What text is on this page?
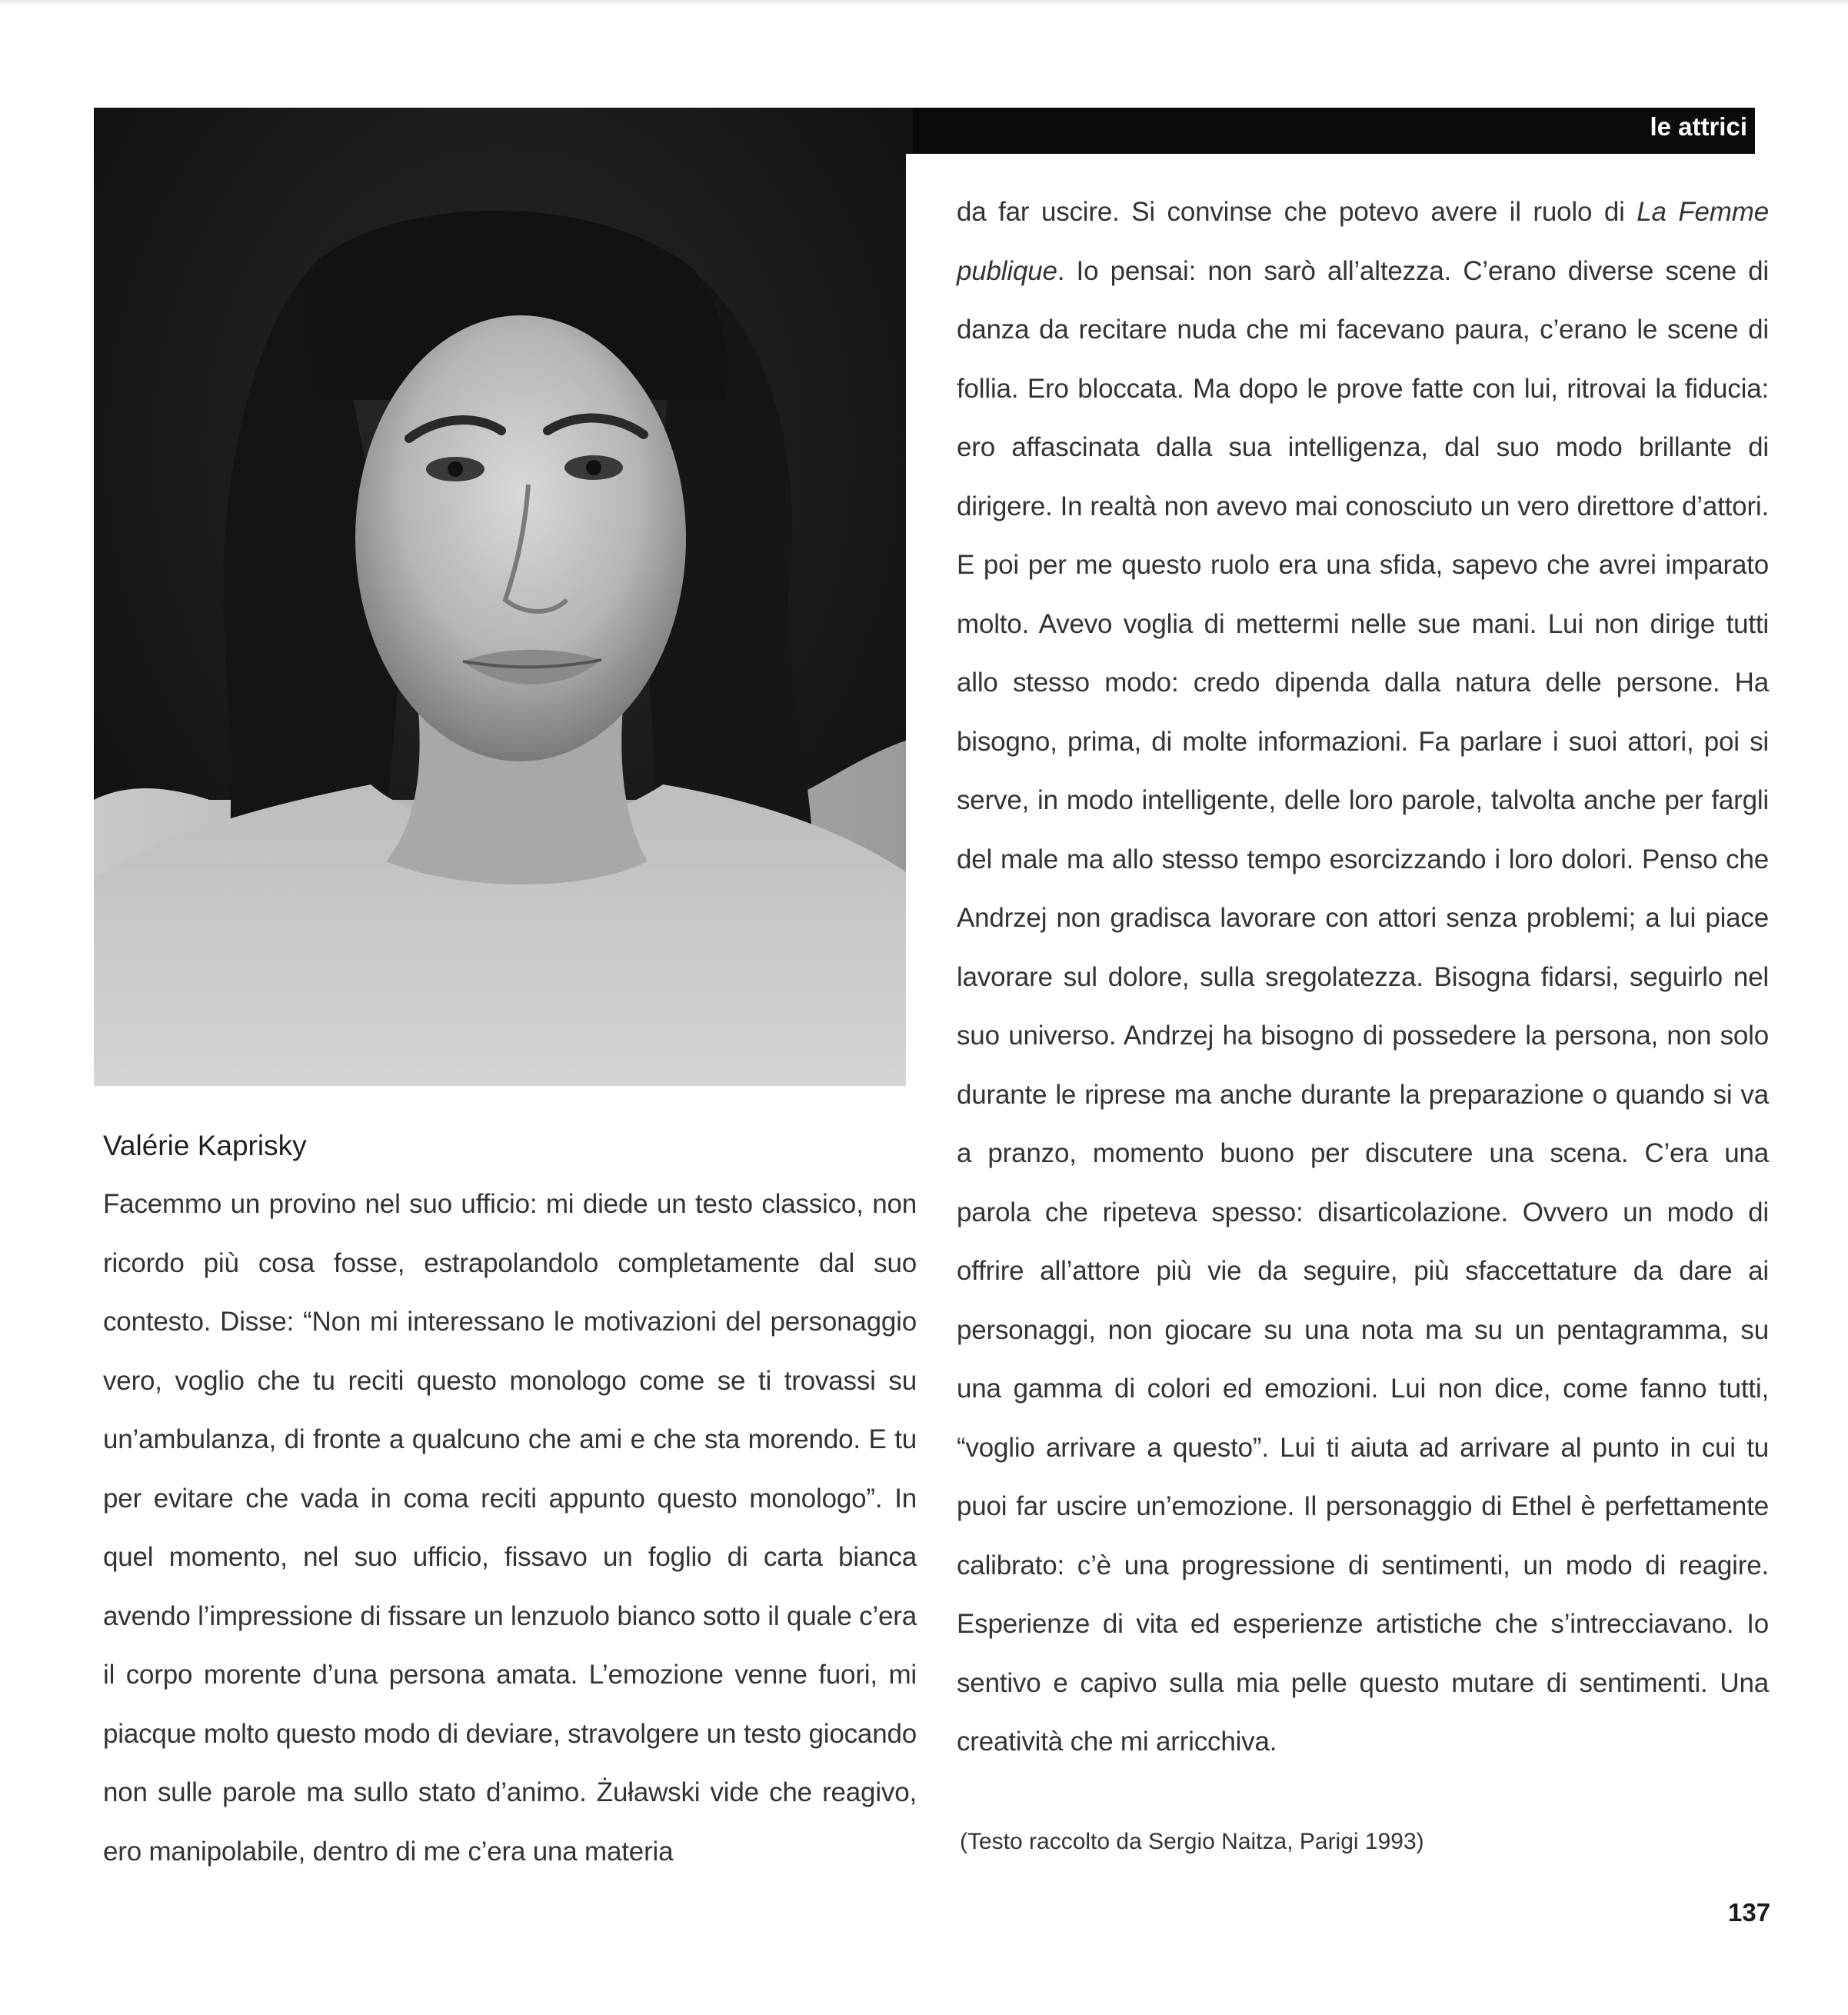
le attrici

da far uscire. Si convinse che potevo avere il ruolo di La Femme publique. Io pensai: non sarò all’altezza. C’erano diverse scene di danza da recitare nuda che mi facevano paura, c’erano le scene di follia. Ero bloccata. Ma dopo le prove fatte con lui, ritrovai la fiducia: ero affascinata dalla sua intelligenza, dal suo modo brillante di dirigere. In realtà non avevo mai conosciuto un vero direttore d’attori. E poi per me questo ruolo era una sfida, sapevo che avrei imparato molto. Avevo voglia di mettermi nelle sue mani. Lui non dirige tutti allo stesso modo: credo dipenda dalla natura delle persone. Ha bisogno, prima, di molte informazioni. Fa parlare i suoi attori, poi si serve, in modo intelligente, delle loro parole, talvolta anche per fargli del male ma allo stesso tempo esorcizzando i loro dolori. Penso che Andrzej non gradisca lavorare con attori senza problemi; a lui piace lavorare sul dolore, sulla sregolatezza. Bisogna fidarsi, seguirlo nel suo universo. Andrzej ha bisogno di possedere la persona, non solo durante le riprese ma anche durante la preparazione o quando si va a pranzo, momento buono per discutere una scena. C’era una parola che ripeteva spesso: disarticolazione. Ovvero un modo di offrire all’attore più vie da seguire, più sfaccettature da dare ai personaggi, non giocare su una nota ma su un pentagramma, su una gamma di colori ed emozioni. Lui non dice, come fanno tutti, “voglio arrivare a questo”. Lui ti aiuta ad arrivare al punto in cui tu puoi far uscire un’emozione. Il personaggio di Ethel è perfettamente calibrato: c’è una progressione di sentimenti, un modo di reagire. Esperienze di vita ed esperienze artistiche che s’intrecciavano. Io sentivo e capivo sulla mia pelle questo mutare di sentimenti. Una creatività che mi arricchiva.

Valérie Kaprisky

Facemmo un provino nel suo ufficio: mi diede un testo classico, non ricordo più cosa fosse, estrapolandolo completamente dal suo contesto. Disse: “Non mi interessano le motivazioni del personaggio vero, voglio che tu reciti questo monologo come se ti trovassi su un’ambulanza, di fronte a qualcuno che ami e che sta morendo. E tu per evitare che vada in coma reciti appunto questo monologo”. In quel momento, nel suo ufficio, fissavo un foglio di carta bianca avendo l’impressione di fissare un lenzuolo bianco sotto il quale c’era il corpo morente d’una persona amata. L’emozione venne fuori, mi piacque molto questo modo di deviare, stravolgere un testo giocando non sulle parole ma sullo stato d’animo. Żuławski vide che reagivo, ero manipolabile, dentro di me c’era una materia	(Testo raccolto da Sergio Naitza, Parigi 1993)
137
